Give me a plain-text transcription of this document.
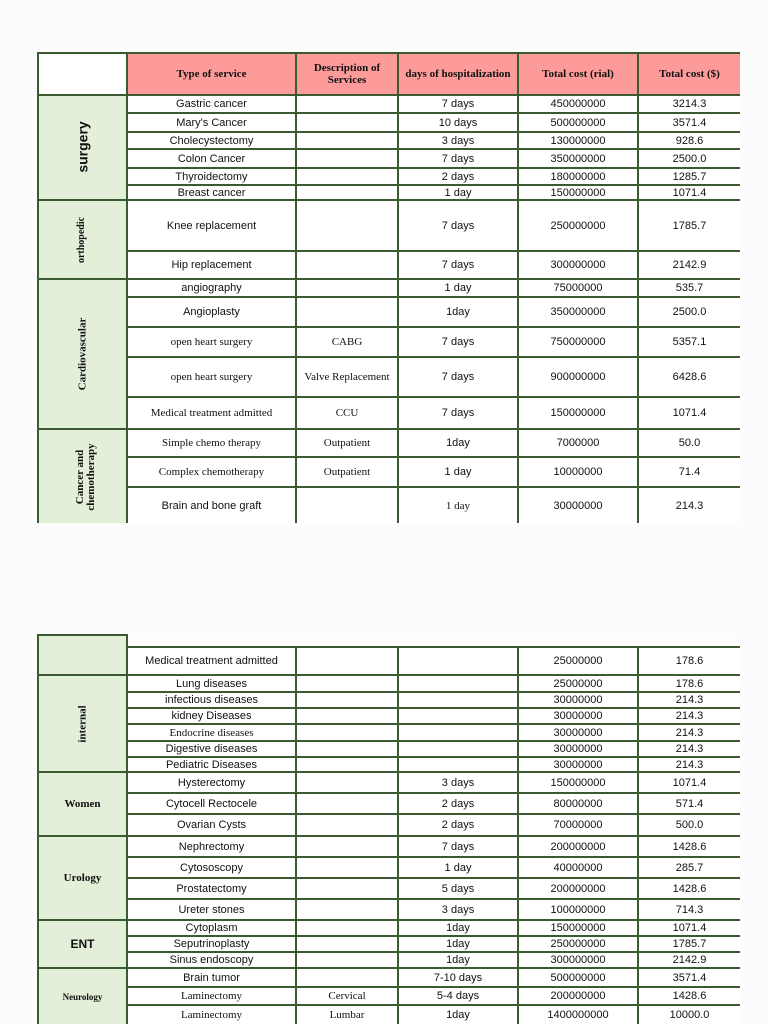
	Type of service	Description of Services	days of hospitalization	Total cost (rial)	Total cost ($)
surgery	Gastric cancer		7 days	450000000	3214.3
	Mary's Cancer		10 days	500000000	3571.4
	Cholecystectomy		3 days	130000000	928.6
	Colon Cancer		7 days	350000000	2500.0
	Thyroidectomy		2 days	180000000	1285.7
	Breast cancer		1 day	150000000	1071.4
orthopedic	Knee replacement		7 days	250000000	1785.7
	Hip replacement		7 days	300000000	2142.9
Cardiovascular	angiography		1 day	75000000	535.7
	Angioplasty		1day	350000000	2500.0
	open heart surgery	CABG	7 days	750000000	5357.1
	open heart surgery	Valve Replacement	7 days	900000000	6428.6
	Medical treatment admitted	CCU	7 days	150000000	1071.4
Cancer and chemotherapy	Simple chemo therapy	Outpatient	1day	7000000	50.0
	Complex chemotherapy	Outpatient	1 day	10000000	71.4
	Brain and bone graft		1 day	30000000	214.3

	Medical treatment admitted			25000000	178.6
internal	Lung diseases			25000000	178.6
	infectious diseases			30000000	214.3
	kidney Diseases			30000000	214.3
	Endocrine diseases			30000000	214.3
	Digestive diseases			30000000	214.3
	Pediatric Diseases			30000000	214.3
Women	Hysterectomy		3 days	150000000	1071.4
	Cytocell Rectocele		2 days	80000000	571.4
	Ovarian Cysts		2 days	70000000	500.0
Urology	Nephrectomy		7 days	200000000	1428.6
	Cytososcopy		1 day	40000000	285.7
	Prostatectomy		5 days	200000000	1428.6
	Ureter stones		3 days	100000000	714.3
ENT	Cytoplasm		1day	150000000	1071.4
	Seputrinoplasty		1day	250000000	1785.7
	Sinus endoscopy		1day	300000000	2142.9
Neurology	Brain tumor		7-10 days	500000000	3571.4
	Laminectomy	Cervical	5-4 days	200000000	1428.6
	Laminectomy	Lumbar	1day	1400000000	10000.0
